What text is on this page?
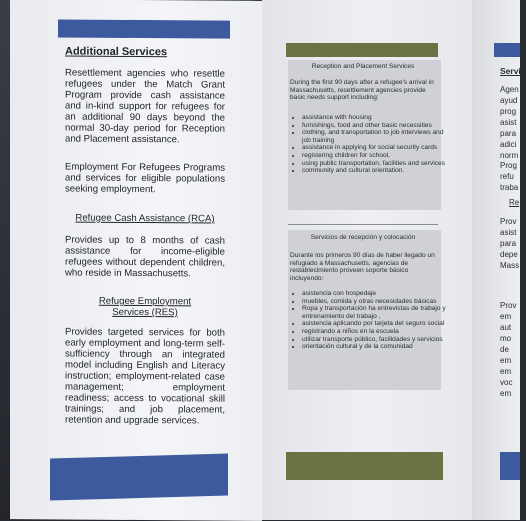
Additional Services
Resettlement agencies who resettle refugees under the Match Grant Program provide cash assistance and in-kind support for refugees for an additional 90 days beyond the normal 30-day period for Reception and Placement assistance.
Employment For Refugees Programs and services for eligible populations seeking employment.
Refugee Cash Assistance (RCA)
Provides up to 8 months of cash assistance for income-eligible refugees without dependent children, who reside in Massachusetts.
Refugee Employment
Services (RES)
Provides targeted services for both early employment and long-term self-sufficiency through an integrated model including English and Literacy instruction; employment-related case management; employment readiness; access to vocational skill trainings; and job placement, retention and upgrade services.
Reception and Placement Services
During the first 90 days after a refugee's arrival in Massachusetts, resettlement agencies provide basic needs support including:
• assistance with housing
• furnishings, food and other basic necessities
• clothing, and transportation to job interviews and job training
• assistance in applying for social security cards
• registering children for school,
• using public transportation, facilities and services
• community and cultural orientation.
Servicios de recepción y colocación
Durante los primeros 90 días de haber llegado un refugiado a Massachusetts, agencias de restablecimiento proveen soporte básico incluyendo:
• asistencia con hospedaje
• muebles, comida y otras necesidades básicas
• Ropa y transportación ha entrevistas de trabajo y entrenamiento del trabajo ,
• asistencia aplicando por tarjeta del seguro social
• registrando a niños en la escuela
• utilizar transporte público, facilidades y servicios
• orientación cultural y de la comunidad
Servic
Agen
ayud
prog
asist
para
adici
norm
Prog
refu
traba
Re
Prov
asist
para
depe
Mass
Prov
em
aut
mo
de
em
em
voc
em
